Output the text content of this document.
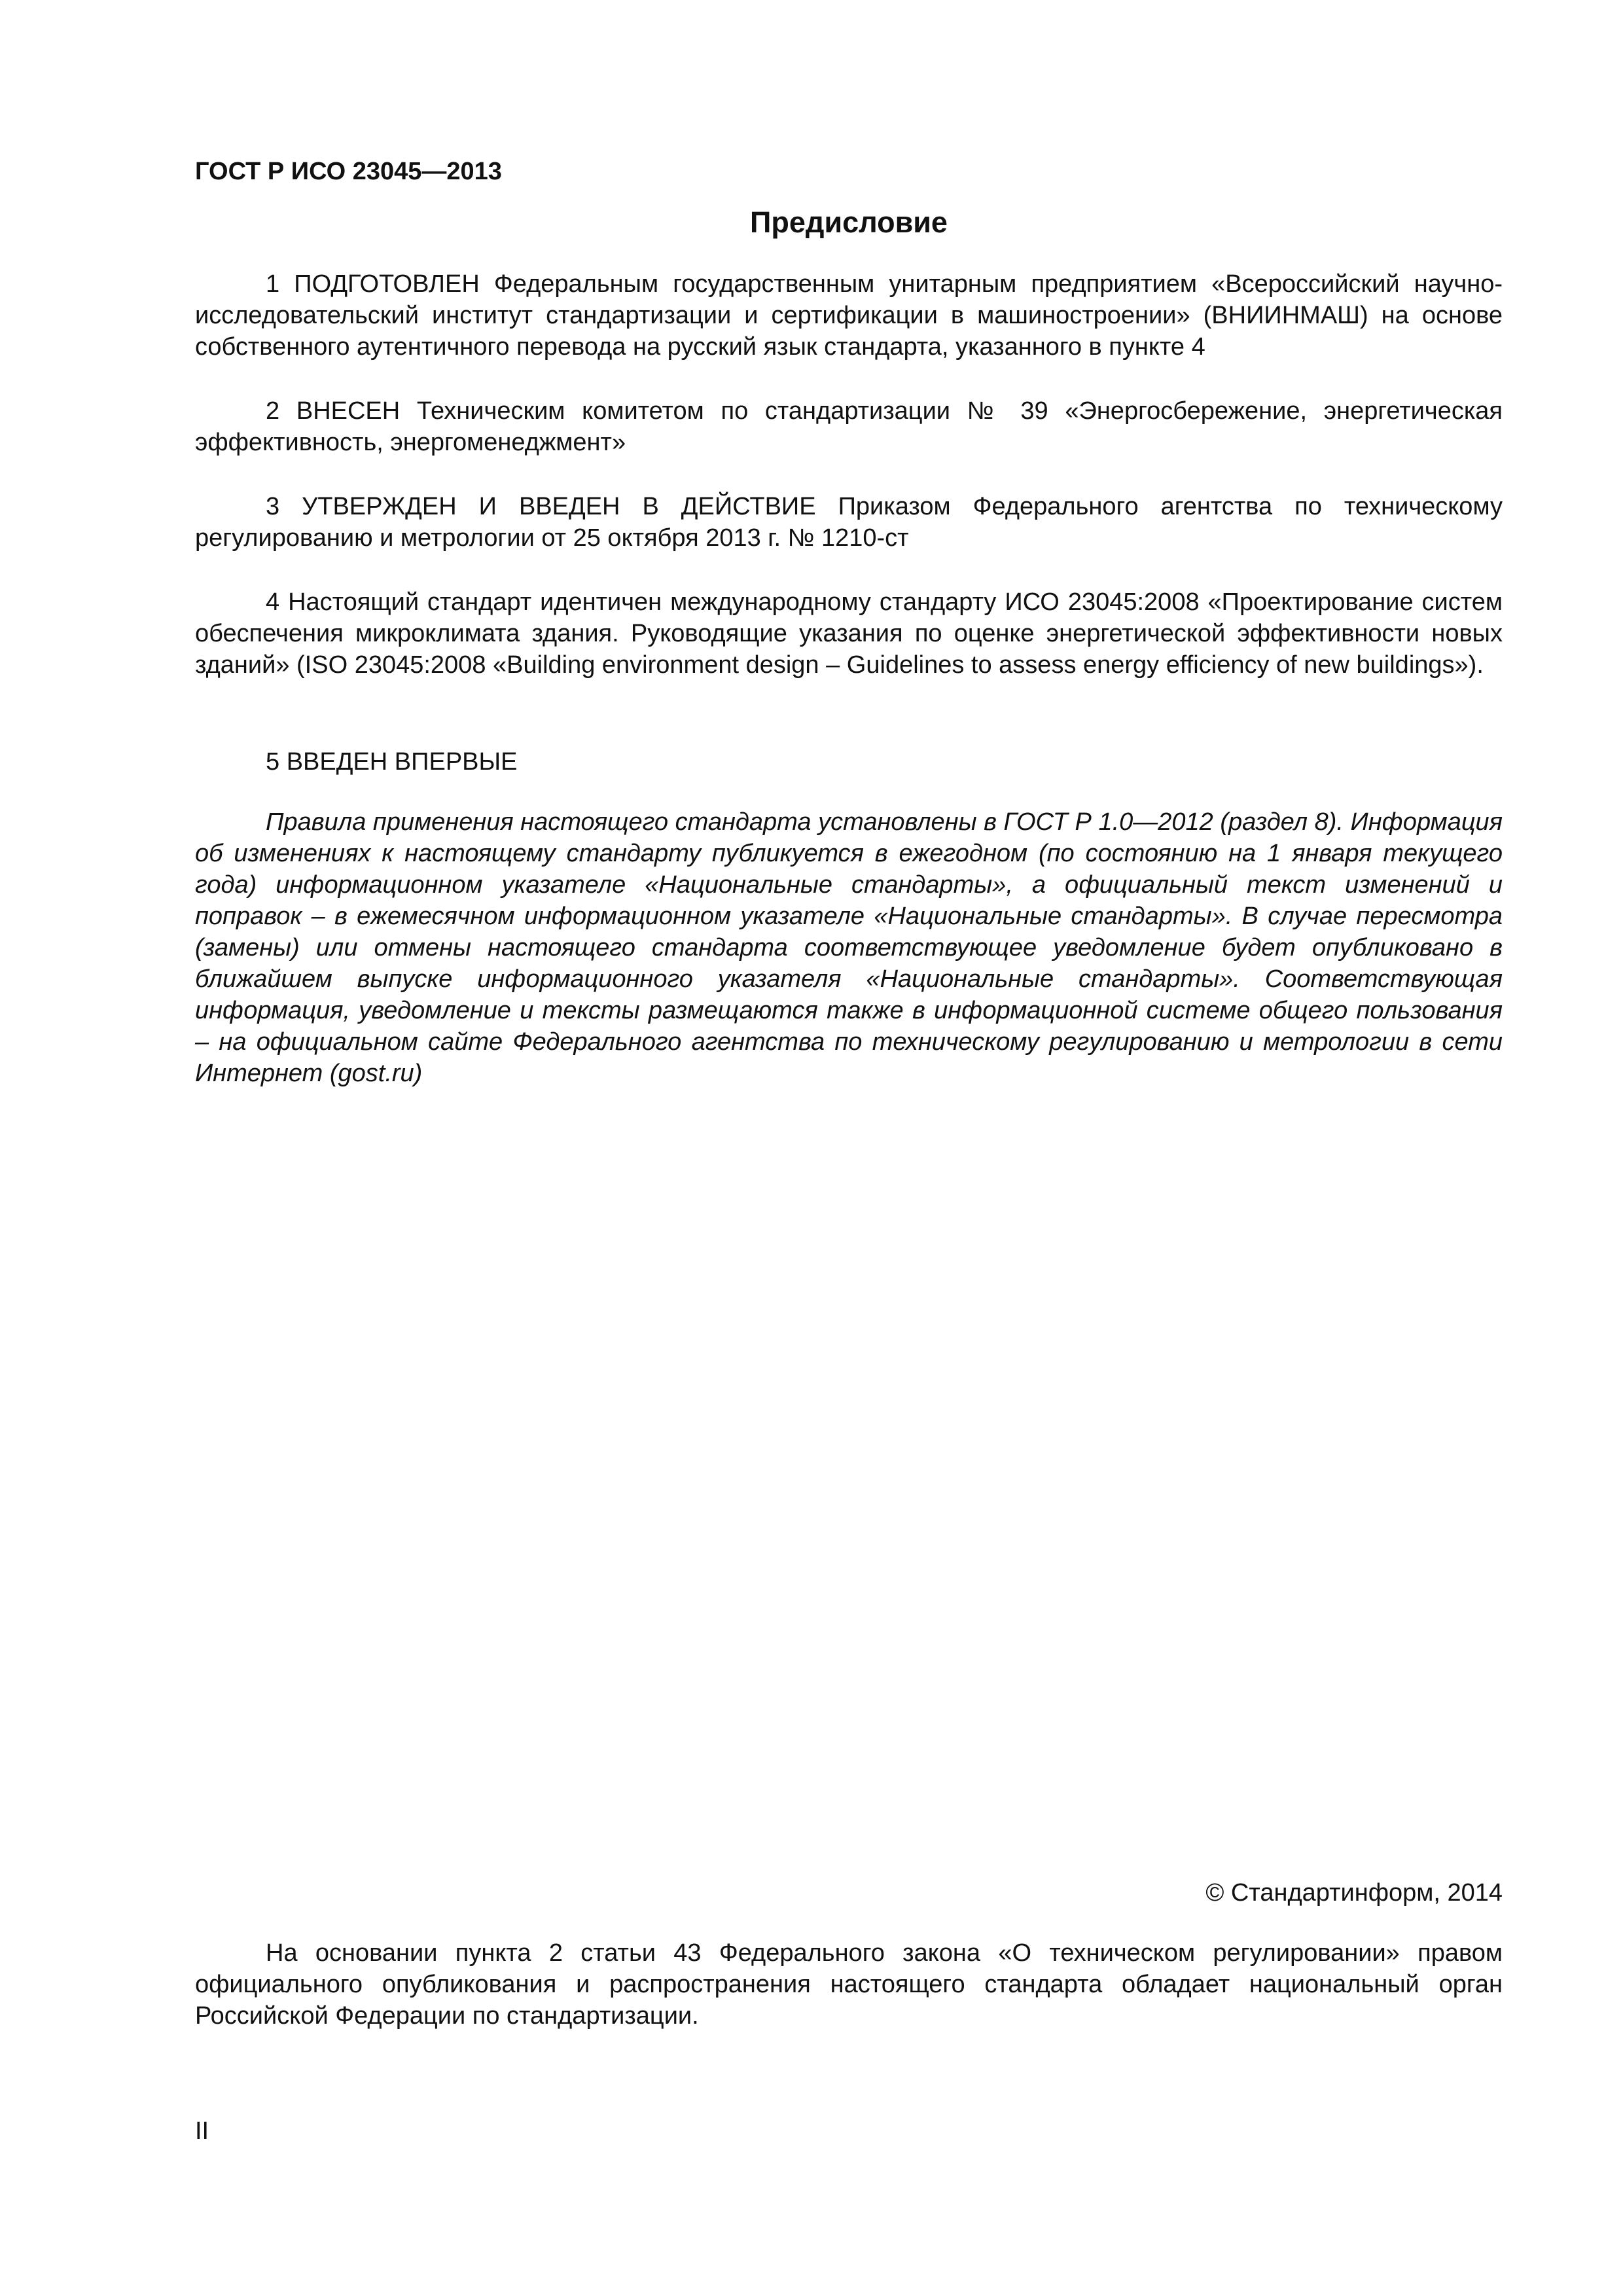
ГОСТ Р ИСО 23045—2013

Предисловие

1 ПОДГОТОВЛЕН Федеральным государственным унитарным предприятием «Всероссийский научно-исследовательский институт стандартизации и сертификации в машиностроении» (ВНИИНМАШ) на основе собственного аутентичного перевода на русский язык стандарта, указанного в пункте 4

2 ВНЕСЕН Техническим комитетом по стандартизации № 39 «Энергосбережение, энергетическая эффективность, энергоменеджмент»

3 УТВЕРЖДЕН И ВВЕДЕН В ДЕЙСТВИЕ Приказом Федерального агентства по техническому регулированию и метрологии от 25 октября 2013 г. № 1210-ст

4 Настоящий стандарт идентичен международному стандарту ИСО 23045:2008 «Проектирование систем обеспечения микроклимата здания. Руководящие указания по оценке энергетической эффективности новых зданий» (ISO 23045:2008 «Building environment design – Guidelines to assess energy efficiency of new buildings»).

5 ВВЕДЕН ВПЕРВЫЕ

Правила применения настоящего стандарта установлены в ГОСТ Р 1.0—2012 (раздел 8). Информация об изменениях к настоящему стандарту публикуется в ежегодном (по состоянию на 1 января текущего года) информационном указателе «Национальные стандарты», а официальный текст изменений и поправок – в ежемесячном информационном указателе «Национальные стандарты». В случае пересмотра (замены) или отмены настоящего стандарта соответствующее уведомление будет опубликовано в ближайшем выпуске информационного указателя «Национальные стандарты». Соответствующая информация, уведомление и тексты размещаются также в информационной системе общего пользования – на официальном сайте Федерального агентства по техническому регулированию и метрологии в сети Интернет (gost.ru)

© Стандартинформ, 2014

На основании пункта 2 статьи 43 Федерального закона «О техническом регулировании» правом официального опубликования и распространения настоящего стандарта обладает национальный орган Российской Федерации по стандартизации.

II
